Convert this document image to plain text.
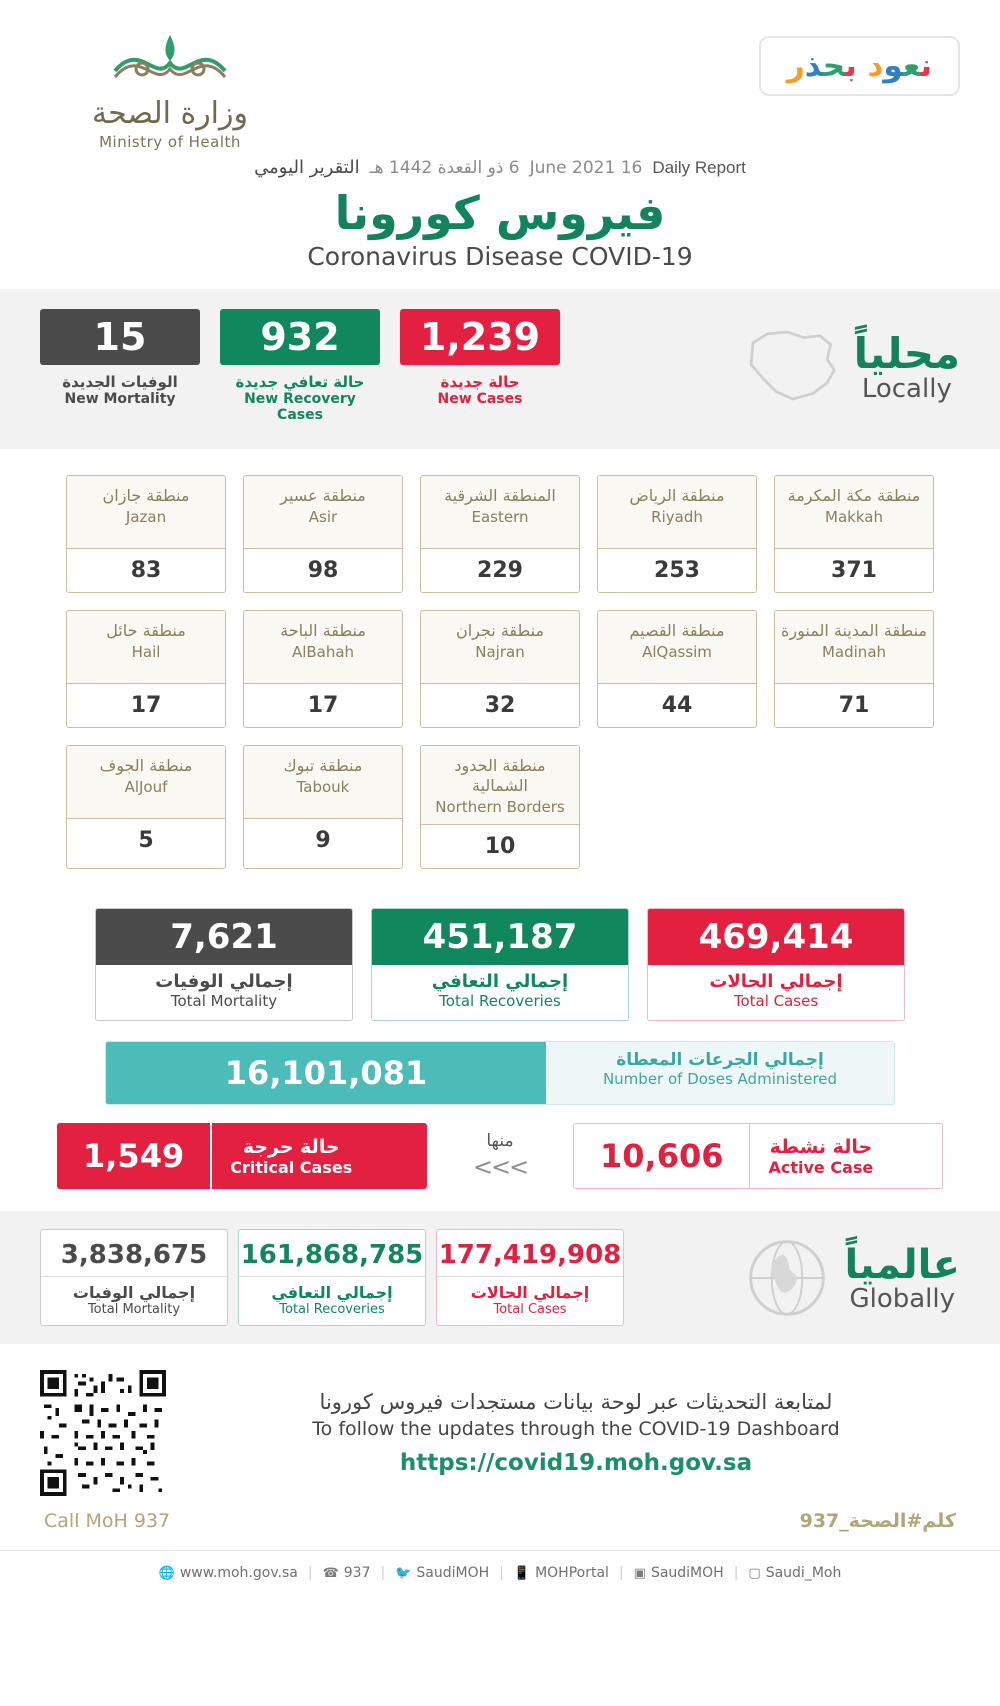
وزارة الصحة
Ministry of Health
نعود بحذر
Daily Report
16 June 2021
6 ذو القعدة 1442 هـ
التقرير اليومي
فيروس كورونا
Coronavirus Disease COVID-19
15
الوفيات الجديدة
New Mortality
932
حالة تعافي جديدة
New Recovery Cases
1,239
حالة جديدة
New Cases
محلياً
Locally
منطقة جازان
Jazan
83
منطقة عسير
Asir
98
المنطقة الشرقية
Eastern
229
منطقة الرياض
Riyadh
253
منطقة مكة المكرمة
Makkah
371
منطقة حائل
Hail
17
منطقة الباحة
AlBahah
17
منطقة نجران
Najran
32
منطقة القصيم
AlQassim
44
منطقة المدينة المنورة
Madinah
71
منطقة الجوف
AlJouf
5
منطقة تبوك
Tabouk
9
منطقة الحدود الشمالية
Northern Borders
10
7,621
إجمالي الوفيات
Total Mortality
451,187
إجمالي التعافي
Total Recoveries
469,414
إجمالي الحالات
Total Cases
16,101,081	إجمالي الجرعات المعطاة
Number of Doses Administered
1,549	حالة حرجة
Critical Cases
منها
<<<	10,606	حالة نشطة
Active Case
3,838,675
إجمالي الوفيات
Total Mortality
161,868,785
إجمالي التعافي
Total Recoveries
177,419,908
إجمالي الحالات
Total Cases
عالمياً
Globally
لمتابعة التحديثات عبر لوحة بيانات مستجدات فيروس كورونا
To follow the updates through the COVID-19 Dashboard
https://covid19.moh.gov.sa
Call MoH 937	كلم#الصحة_937
🌐 www.moh.gov.sa | ☎ 937 | 🐦 SaudiMOH | 📱 MOHPortal | ▣ SaudiMOH | ▢ Saudi_Moh
